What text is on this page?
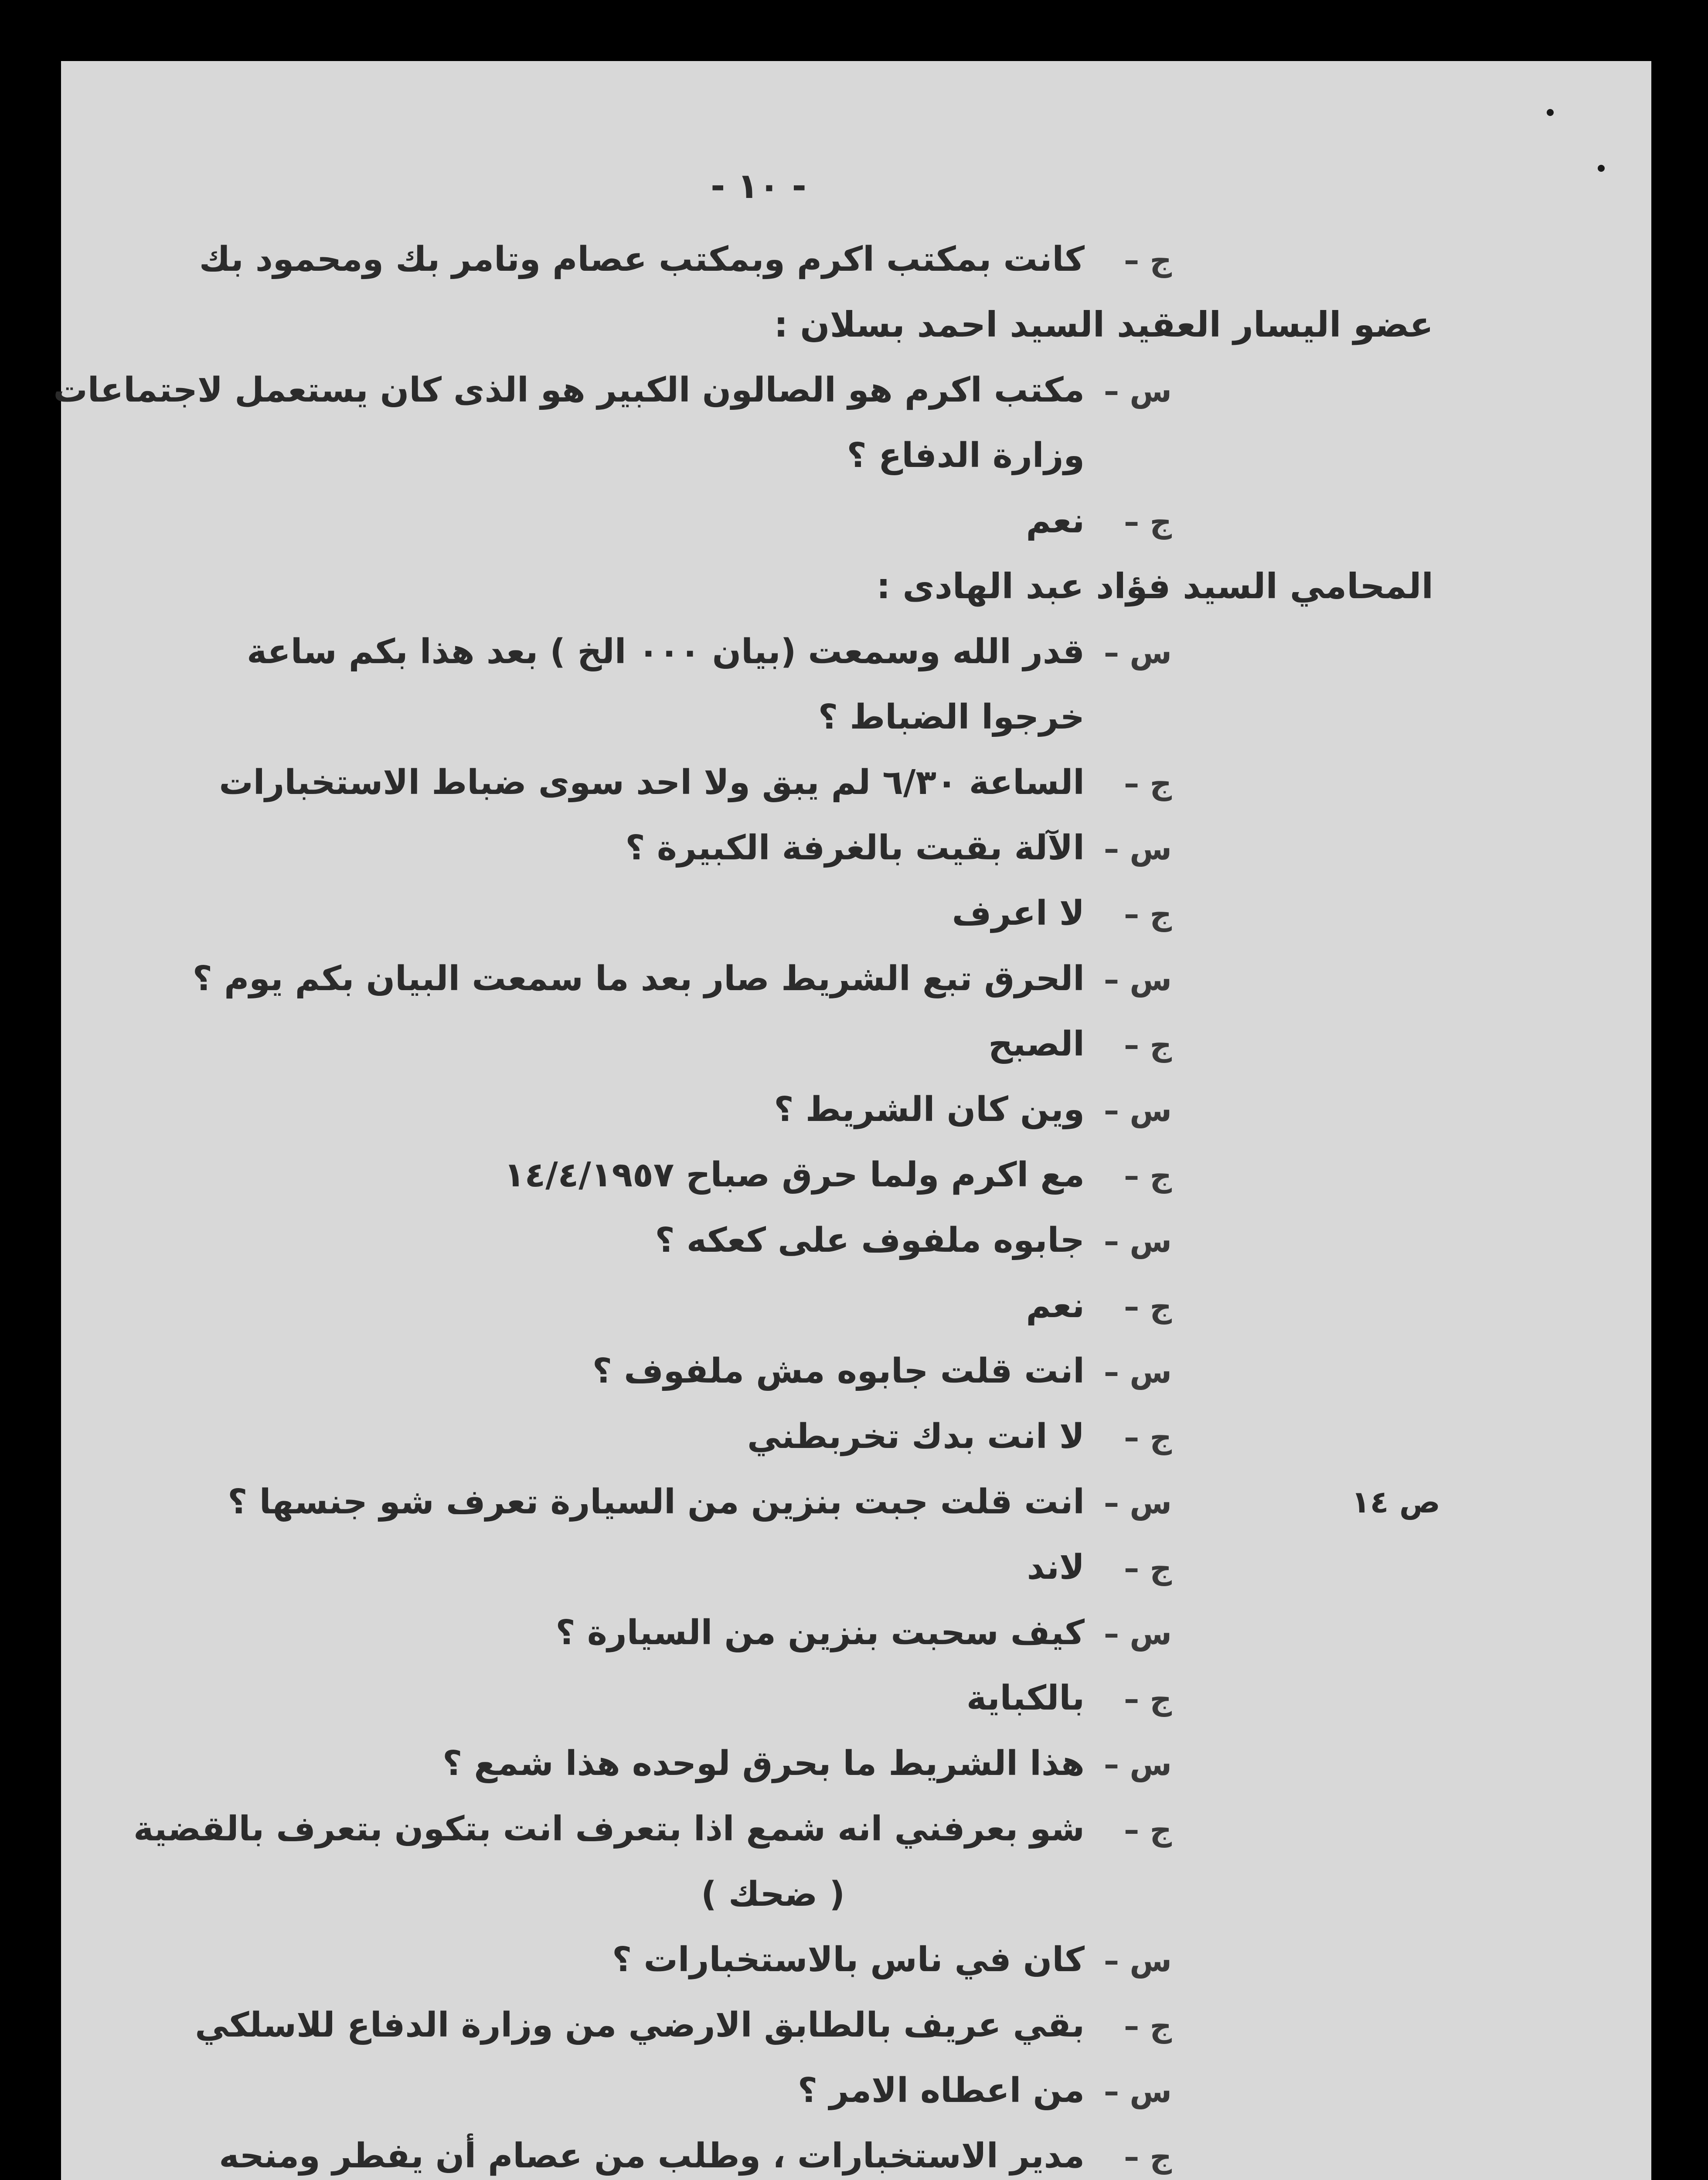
- ١٠ -
ج –كانت بمكتب اكرم وبمكتب عصام وتامر بك ومحمود بك
عضو اليسار العقيد السيد احمد بسلان :
س –مكتب اكرم هو الصالون الكبير هو الذى كان يستعمل لاجتماعات
وزارة الدفاع ؟
ج –نعم
المحامي السيد فؤاد عبد الهادى :
س –قدر الله وسمعت (بيان ٠٠٠ الخ ) بعد هذا بكم ساعة
خرجوا الضباط ؟
ج –الساعة ٦/٣٠ لم يبق ولا احد سوى ضباط الاستخبارات
س –الآلة بقيت بالغرفة الكبيرة ؟
ج –لا اعرف
س –الحرق تبع الشريط صار بعد ما سمعت البيان بكم يوم ؟
ج –الصبح
س –وين كان الشريط ؟
ج –مع اكرم ولما حرق صباح ١٤/٤/١٩٥٧
س –جابوه ملفوف على كعكه ؟
ج –نعم
س –انت قلت جابوه مش ملفوف ؟
ج –لا انت بدك تخربطني
س –انت قلت جبت بنزين من السيارة تعرف شو جنسها ؟	ص ١٤
ج –لاند
س –كيف سحبت بنزين من السيارة ؟
ج –بالكباية
س –هذا الشريط ما بحرق لوحده هذا شمع ؟
ج –شو بعرفني انه شمع اذا بتعرف انت بتكون بتعرف بالقضية
( ضحك )
س –كان في ناس بالاستخبارات ؟
ج –بقي عريف بالطابق الارضي من وزارة الدفاع للاسلكي
س –من اعطاه الامر ؟
ج –مدير الاستخبارات ، وطلب من عصام أن يفطر ومنحه
